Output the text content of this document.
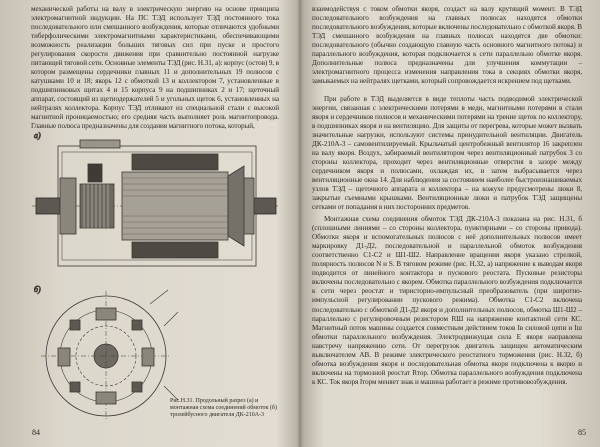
механической работы на валу в электрическую энергию на основе принципа электромагнитной индукции. На ПС ТЭД использует ТЭД постоянного тока последовательного или смешанного возбуждения, которые отличаются удобными тиберфолическими электромагнитными характеристиками, обеспечивающими возможность реализации больших тяговых сил при пуске и простого регулирования скорости движения при сравнительно постоянной нагрузке питающей тяговой сети. Основные элементы ТЭД (рис. Н.31, а): корпус (остов) 9, в котором размещены сердечники главных 11 и дополнительных 19 полюсов с катушками 10 и 18; якорь 12 с обмоткой 13 и коллектором 7, установленные в подшипниковых щитах 4 и 15 корпуса 9 на подшипниках 2 и 17; щеточный аппарат, состоящий из щетиодержателей 5 и угольных щеток 6, установленных на нейтралях коллектора. Корпус ТЭД отливают из специальной стали с высокой магнитной проницаемостью; его средняя часть выполняет роль магнитопровода. Главные полюса предназначены для создания магнитного потока, который,
а)
б)
Рис.Н.31. Продольный разрез (а) и монтажная схема соединений обмоток (б) тролейбусного двигателя ДК-210А-3
84
взаимодействуя с током обмотки якоря, создаст на валу крутящий момент. В ТЭД последовательного возбуждения на главных полюсах находятся обмотки последовательного возбуждения, которые включены последовательно с обмоткой якоря. В ТЭД смешанного возбуждения на главных полюсах находятся две обмотки: последовательного (обычно создающую главную часть основного магнитного потока) и параллельного возбуждения, которая подключается к сети параллельно обмотке якоря. Дополнительные полюса предназначены для улучшения коммутации – электромагнитного процесса изменения направления тока в секциях обмотки якоря, замыкаемых на нейтралях щетками, который сопровождается искрением под щетками.
При работе в ТЭД выделяется в виде теплоты часть подводимой электрической энергии, связанная с электрическими потерями в меди, магнитными потерями в стали якоря и сердечников полюсов и механическими потерями на трение щеток по коллектору, в подшипниках якоря и на вентиляцию. Для защиты от перегрева, которые может вызвать значительные нагрузки, используют системы принудительной вентиляции. Двигатель ДК-210А-3 – самовентилируемый. Крыльчатый центробежный вентилятор 16 закреплен на валу якоря. Воздух, забираемый вентилятором через вентиляционный патрубок 3 со стороны коллектора, проходит через вентиляционные отверстия в зазоре между сердечником якоря и полюсами, охлаждая их, и затем выбрасывается через вентиляционные окна 14. Для наблюдения за состоянием наиболее быстроизнашиваемых узлов ТЭД – щеточного аппарата и коллектора – на кожухе предусмотрены люки 8, закрытые съемными крышками. Вентиляционные люки и патрубок ТЭД защищены сетками от попадания в них посторонних предметов.
Монтажная схема соединения обмоток ТЭД ДК-210А-3 показана на рис. Н.31, б (сплошными линиями – со стороны коллектора, пунктирными – со стороны привода). Обмотки якоря и вспомогательных полюсов с неё дополнительных полюсов имеет маркировку Д1-Д2, последовательной и параллельной обмоток возбуждения соответственно С1-С2 и Ш1-Ш2. Направление вращения якоря указано стрелкой, полярность полюсов N и S. В тяговом режиме (рис. Н.32, а) напряжение к выводам якоря подводится от линейного контактора и пускового реостата. Пусковые резисторы включены последовательно с якорем. Обмотка параллельного возбуждения подключается к сети через реостат и тиристорно-импульсный преобразователь (при широтно-импульсной регулировании пускового режима). Обмотка С1-С2 включена последовательно с обмоткой Д1-Д2 якоря и дополнительных полюсов, обмотка Ш1-Ш2 – параллельно с регулировочным резистором RШ на напряжение контактной сети КС. Магнитный поток машины создается совместным действием токов Iв силовой цепи и Iш обмотки параллельного возбуждения. Электродвижущая сила Е якоря направлена навстречу напряжению сети. От перегрузок двигатель защищен автоматическим выключателем АВ. В режиме электрического реостатного торможения (рис. Н.32, б) обмотка возбуждения якоря и последовательная обмотка якоря подключена к якорю и включены на тормозной реостат Rтор. Обмотка параллельного возбуждения подключена к КС. Ток якоря Iторм меняет знак и машина работает в режиме противовозбуждения.
85
